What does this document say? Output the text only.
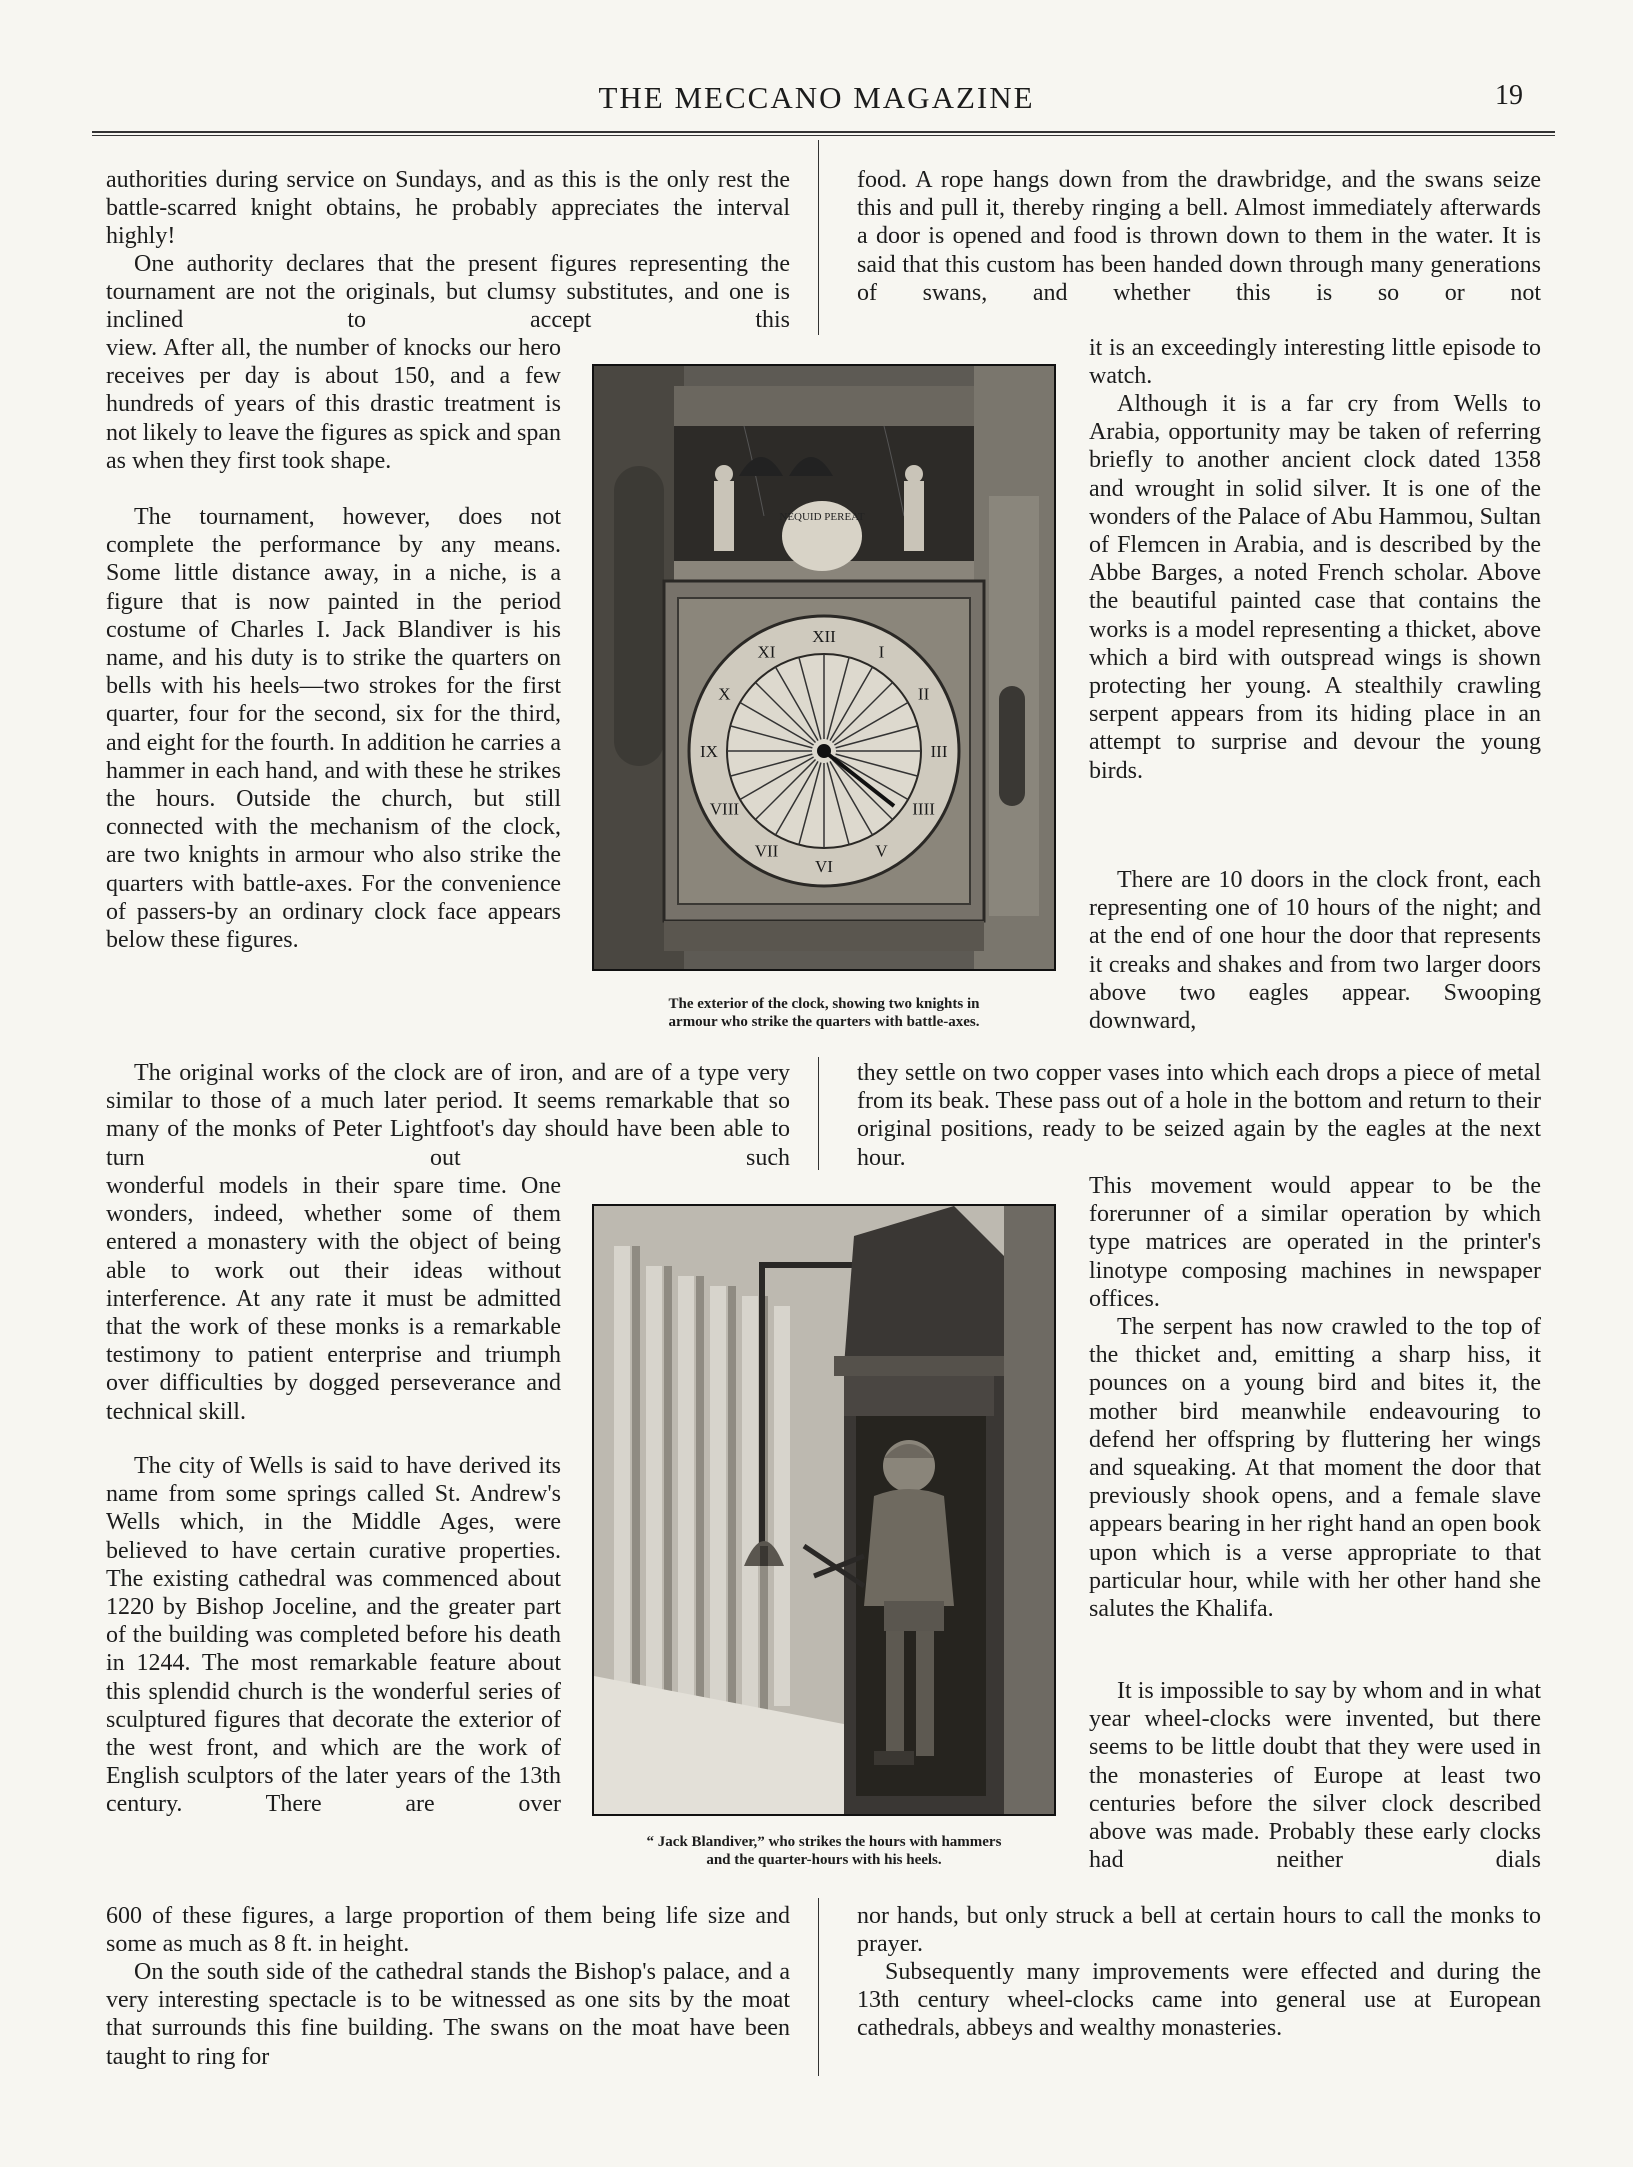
THE MECCANO MAGAZINE	19

authorities during service on Sundays, and as this is the only rest the battle-scarred knight obtains, he probably appreciates the interval highly!

One authority declares that the present figures representing the tournament are not the originals, but clumsy substitutes, and one is inclined to accept this

view. After all, the number of knocks our hero receives per day is about 150, and a few hundreds of years of this drastic treatment is not likely to leave the figures as spick and span as when they first took shape.

The tournament, however, does not complete the performance by any means. Some little distance away, in a niche, is a figure that is now painted in the period costume of Charles I. Jack Blandiver is his name, and his duty is to strike the quarters on bells with his heels—two strokes for the first quarter, four for the second, six for the third, and eight for the fourth. In addition he carries a hammer in each hand, and with these he strikes the hours. Outside the church, but still connected with the mechanism of the clock, are two knights in armour who also strike the quarters with battle-axes. For the convenience of passers-by an ordinary clock face appears below these figures.

The original works of the clock are of iron, and are of a type very similar to those of a much later period. It seems remarkable that so many of the monks of Peter Lightfoot's day should have been able to turn out such

wonderful models in their spare time. One wonders, indeed, whether some of them entered a monastery with the object of being able to work out their ideas without interference. At any rate it must be admitted that the work of these monks is a remarkable testimony to patient enterprise and triumph over difficulties by dogged perseverance and technical skill.

The city of Wells is said to have derived its name from some springs called St. Andrew's Wells which, in the Middle Ages, were believed to have certain curative properties. The existing cathedral was commenced about 1220 by Bishop Joceline, and the greater part of the building was completed before his death in 1244. The most remarkable feature about this splendid church is the wonderful series of sculptured figures that decorate the exterior of the west front, and which are the work of English sculptors of the later years of the 13th century. There are over

600 of these figures, a large proportion of them being life size and some as much as 8 ft. in height.

On the south side of the cathedral stands the Bishop's palace, and a very interesting spectacle is to be witnessed as one sits by the moat that surrounds this fine building. The swans on the moat have been taught to ring for

food. A rope hangs down from the drawbridge, and the swans seize this and pull it, thereby ringing a bell. Almost immediately afterwards a door is opened and food is thrown down to them in the water. It is said that this custom has been handed down through many generations of swans, and whether this is so or not

it is an exceedingly interesting little episode to watch.

Although it is a far cry from Wells to Arabia, opportunity may be taken of referring briefly to another ancient clock dated 1358 and wrought in solid silver. It is one of the wonders of the Palace of Abu Hammou, Sultan of Flemcen in Arabia, and is described by the Abbe Barges, a noted French scholar. Above the beautiful painted case that contains the works is a model representing a thicket, above which a bird with outspread wings is shown protecting her young. A stealthily crawling serpent appears from its hiding place in an attempt to surprise and devour the young birds.

There are 10 doors in the clock front, each representing one of 10 hours of the night; and at the end of one hour the door that represents it creaks and shakes and from two larger doors above two eagles appear. Swooping downward,

they settle on two copper vases into which each drops a piece of metal from its beak. These pass out of a hole in the bottom and return to their original positions, ready to be seized again by the eagles at the next hour.

This movement would appear to be the forerunner of a similar operation by which type matrices are operated in the printer's linotype composing machines in newspaper offices.

The serpent has now crawled to the top of the thicket and, emitting a sharp hiss, it pounces on a young bird and bites it, the mother bird meanwhile endeavouring to defend her offspring by fluttering her wings and squeaking. At that moment the door that previously shook opens, and a female slave appears bearing in her right hand an open book upon which is a verse appropriate to that particular hour, while with her other hand she salutes the Khalifa.

It is impossible to say by whom and in what year wheel-clocks were invented, but there seems to be little doubt that they were used in the monasteries of Europe at least two centuries before the silver clock described above was made. Probably these early clocks had neither dials

nor hands, but only struck a bell at certain hours to call the monks to prayer.

Subsequently many improvements were effected and during the 13th century wheel-clocks came into general use at European cathedrals, abbeys and wealthy monasteries.

NEQUID PEREAT
XII
I
II
III
IIII
V
VI
VII
VIII
IX
X
XI

The exterior of the clock, showing two knights in

armour who strike the quarters with battle-axes.

“ Jack Blandiver,” who strikes the hours with hammers

and the quarter-hours with his heels.
